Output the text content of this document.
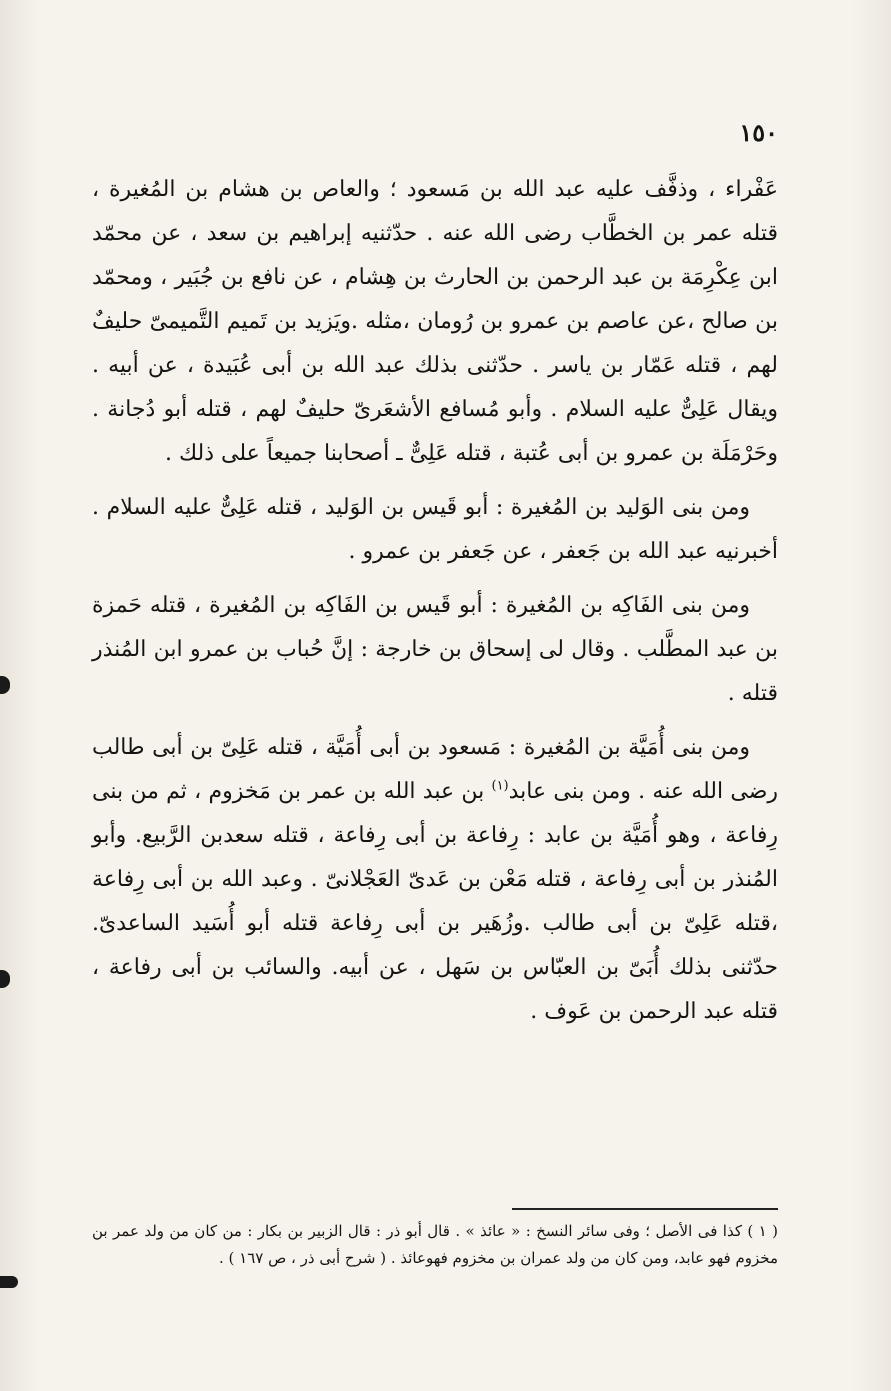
١٥٠

عَفْراء ، وذفَّف عليه عبد الله بن مَسعود ؛ والعاص بن هشام بن المُغيرة ، قتله عمر بن الخطَّاب رضى الله عنه . حدّثنيه إبراهيم بن سعد ، عن محمّد ابن عِكْرِمَة بن عبد الرحمن بن الحارث بن هِشام ، عن نافع بن جُبَير ، ومحمّد بن صالح ،عن عاصم بن عمرو بن رُومان ،مثله .ويَزيد بن تَميم التَّميمىّ حليفٌ لهم ، قتله عَمّار بن ياسر . حدّثنى بذلك عبد الله بن أبى عُبَيدة ، عن أبيه . ويقال عَلِىٌّ عليه السلام . وأبو مُسافع الأشعَرىّ حليفٌ لهم ، قتله أبو دُجانة . وحَرْمَلَة بن عمرو بن أبى عُتبة ، قتله عَلِىٌّ ـ أصحابنا جميعاً على ذلك .

ومن بنى الوَليد بن المُغيرة : أبو قَيس بن الوَليد ، قتله عَلِىٌّ عليه السلام . أخبرنيه عبد الله بن جَعفر ، عن جَعفر بن عمرو .

ومن بنى الفَاكِه بن المُغيرة : أبو قَيس بن الفَاكِه بن المُغيرة ، قتله حَمزة بن عبد المطَّلب . وقال لى إسحاق بن خارجة : إنَّ حُباب بن عمرو ابن المُنذر قتله .

ومن بنى أُمَيَّة بن المُغيرة : مَسعود بن أبى أُمَيَّة ، قتله عَلِىّ بن أبى طالب رضى الله عنه . ومن بنى عابد$^{(١)}$ بن عبد الله بن عمر بن مَخزوم ، ثم من بنى رِفاعة ، وهو أُمَيَّة بن عابد : رِفاعة بن أبى رِفاعة ، قتله سعدبن الرَّبيع. وأبو المُنذر بن أبى رِفاعة ، قتله مَعْن بن عَدىّ العَجْلانىّ . وعبد الله بن أبى رِفاعة ،قتله عَلِىّ بن أبى طالب .وزُهَير بن أبى رِفاعة قتله أبو أُسَيد الساعدىّ. حدّثنى بذلك أُبَىّ بن العبّاس بن سَهل ، عن أبيه. والسائب بن أبى رفاعة ، قتله عبد الرحمن بن عَوف .

( ١ ) كذا فى الأصل ؛ وفى سائر النسخ : « عائذ » . قال أبو ذر : قال الزبير بن بكار : من كان من ولد عمر بن مخزوم فهو عابد، ومن كان من ولد عمران بن مخزوم فهوعائذ . ( شرح أبى ذر ، ص ١٦٧ ) .
